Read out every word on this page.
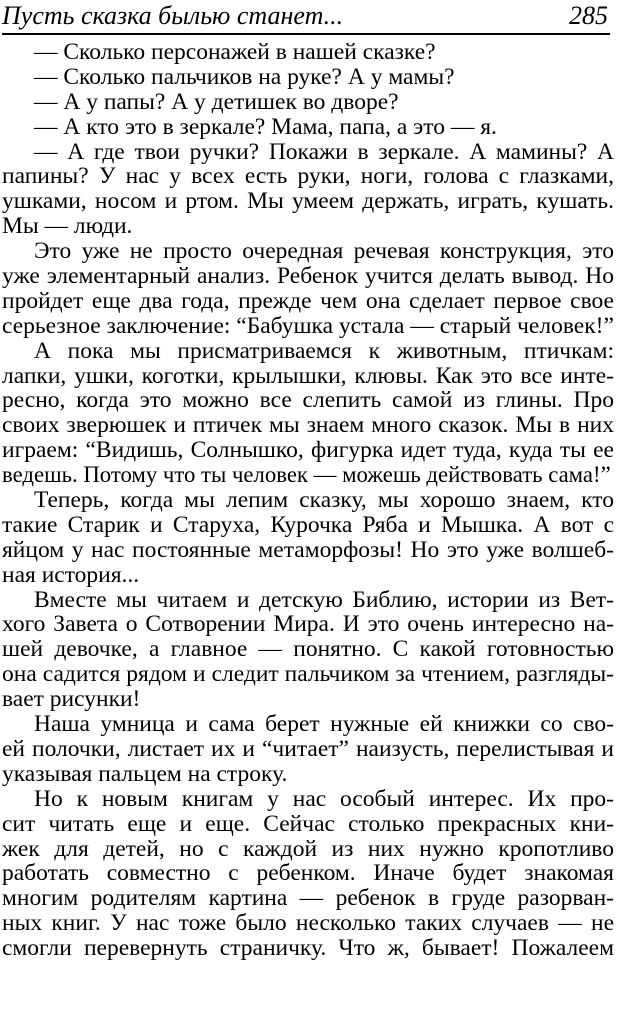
Пусть сказка былью станет...	285
— Сколько персонажей в нашей сказке?
— Сколько пальчиков на руке? А у мамы?
— А у папы? А у детишек во дворе?
— А кто это в зеркале? Мама, папа, а это — я.
— А где твои ручки? Покажи в зеркале. А мамины? А
папины? У нас у всех есть руки, ноги, голова с глазками,
ушками, носом и ртом. Мы умеем держать, играть, кушать.
Мы — люди.
Это уже не просто очередная речевая конструкция, это
уже элементарный анализ. Ребенок учится делать вывод. Но
пройдет еще два года, прежде чем она сделает первое свое
серьезное заключение: “Бабушка устала — старый человек!”
А пока мы присматриваемся к животным, птичкам:
лапки, ушки, коготки, крылышки, клювы. Как это все инте-
ресно, когда это можно все слепить самой из глины. Про
своих зверюшек и птичек мы знаем много сказок. Мы в них
играем: “Видишь, Солнышко, фигурка идет туда, куда ты ее
ведешь. Потому что ты человек — можешь действовать сама!”
Теперь, когда мы лепим сказку, мы хорошо знаем, кто
такие Старик и Старуха, Курочка Ряба и Мышка. А вот с
яйцом у нас постоянные метаморфозы! Но это уже волшеб-
ная история...
Вместе мы читаем и детскую Библию, истории из Вет-
хого Завета о Сотворении Мира. И это очень интересно на-
шей девочке, а главное — понятно. С какой готовностью
она садится рядом и следит пальчиком за чтением, разгляды-
вает рисунки!
Наша умница и сама берет нужные ей книжки со сво-
ей полочки, листает их и “читает” наизусть, перелистывая и
указывая пальцем на строку.
Но к новым книгам у нас особый интерес. Их про-
сит читать еще и еще. Сейчас столько прекрасных кни-
жек для детей, но с каждой из них нужно кропотливо
работать совместно с ребенком. Иначе будет знакомая
многим родителям картина — ребенок в груде разорван-
ных книг. У нас тоже было несколько таких случаев — не
смогли перевернуть страничку. Что ж, бывает! Пожалеем
